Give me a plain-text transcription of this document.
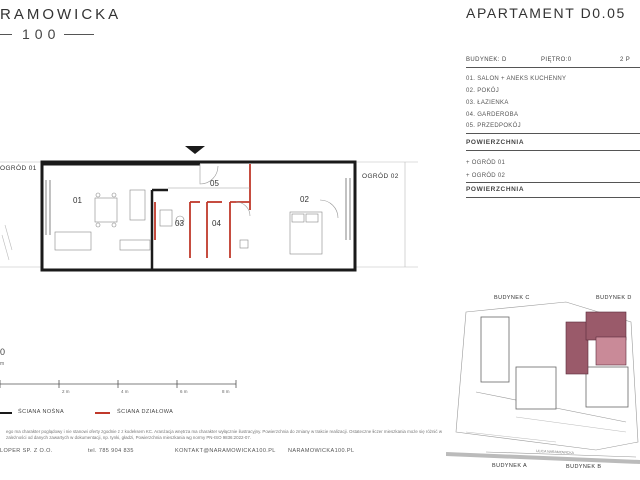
RAMOWICKA
100
APARTAMENT D0.05
BUDYNEK: D	PIĘTRO:0	2 P
01. SALON + ANEKS KUCHENNY
02. POKÓJ
03. ŁAZIENKA
04. GARDEROBA
05. PRZEDPOKÓJ
POWIERZCHNIA
+ OGRÓD 01
+ OGRÓD 02
POWIERZCHNIA
OGRÓD 01
OGRÓD 02
01	02
03	04
05
0
m
2 m	4 m	6 m	8 m
ŚCIANA NOŚNA	ŚCIANA DZIAŁOWA
ego ma charakter poglądowy i nie stanowi oferty zgodnie z z kodeksem KC. Aranżacja wnętrza ma charakter wyłącznie ilustracyjny. Powierzchnia do zmiany w trakcie realizacji. Ostateczne łiczer mieszkania może się różnić w zależności od danych zawartych w dokumentacji, np. tynki, gładzi, Powierzchnia mieszkania wg normy PN-ISO 9836:2022-07.
LOPER SP. Z O.O.	tel. 785 904 835	KONTAKT@NARAMOWICKA100.PL NARAMOWICKA100.PL
BUDYNEK C	BUDYNEK D
BUDYNEK A	BUDYNEK B
ULICA NARAMOWICKA
